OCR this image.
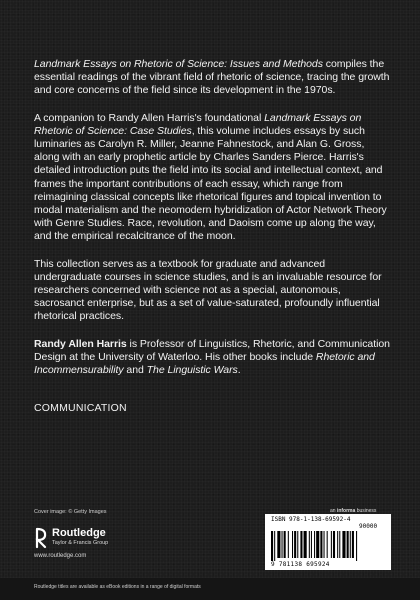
Landmark Essays on Rhetoric of Science: Issues and Methods compiles the essential readings of the vibrant field of rhetoric of science, tracing the growth and core concerns of the field since its development in the 1970s.

A companion to Randy Allen Harris's foundational Landmark Essays on Rhetoric of Science: Case Studies, this volume includes essays by such luminaries as Carolyn R. Miller, Jeanne Fahnestock, and Alan G. Gross, along with an early prophetic article by Charles Sanders Pierce. Harris's detailed introduction puts the field into its social and intellectual context, and frames the important contributions of each essay, which range from reimagining classical concepts like rhetorical figures and topical invention to modal materialism and the neomodern hybridization of Actor Network Theory with Genre Studies. Race, revolution, and Daoism come up along the way, and the empirical recalcitrance of the moon.

This collection serves as a textbook for graduate and advanced undergraduate courses in science studies, and is an invaluable resource for researchers concerned with science not as a special, autonomous, sacrosanct enterprise, but as a set of value-saturated, profoundly influential rhetorical practices.

Randy Allen Harris is Professor of Linguistics, Rhetoric, and Communication Design at the University of Waterloo. His other books include Rhetoric and Incommensurability and The Linguistic Wars.

COMMUNICATION
Cover image: © Getty Images	an informa business
Routledge
Taylor & Francis Group
www.routledge.com
ISBN 978-1-138-69592-4
90000
9 781138 695924
Routledge titles are available as eBook editions in a range of digital formats
